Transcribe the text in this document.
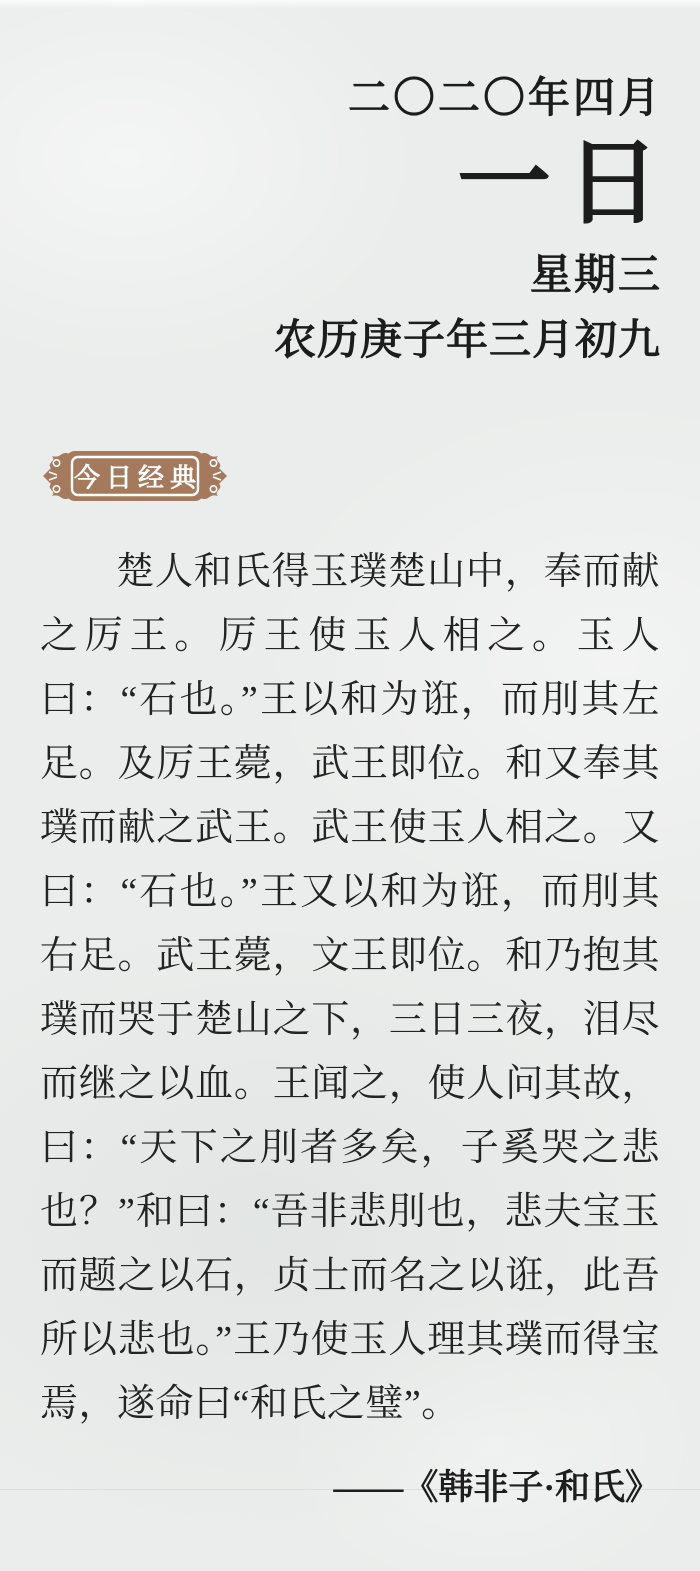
二〇二〇年四月
一日
星期三
农历庚子年三月初九
今日经典

楚人和氏得玉璞楚山中，奉而献之厉王。厉王使玉人相之。玉人曰：“石也。”王以和为诳，而刖其左足。及厉王薨，武王即位。和又奉其璞而献之武王。武王使玉人相之。又曰：“石也。”王又以和为诳，而刖其右足。武王薨，文王即位。和乃抱其璞而哭于楚山之下，三日三夜，泪尽而继之以血。王闻之，使人问其故，曰：“天下之刖者多矣，子奚哭之悲也？”和曰：“吾非悲刖也，悲夫宝玉而题之以石，贞士而名之以诳，此吾所以悲也。”王乃使玉人理其璞而得宝焉，遂命曰“和氏之璧”。

——《韩非子·和氏》
